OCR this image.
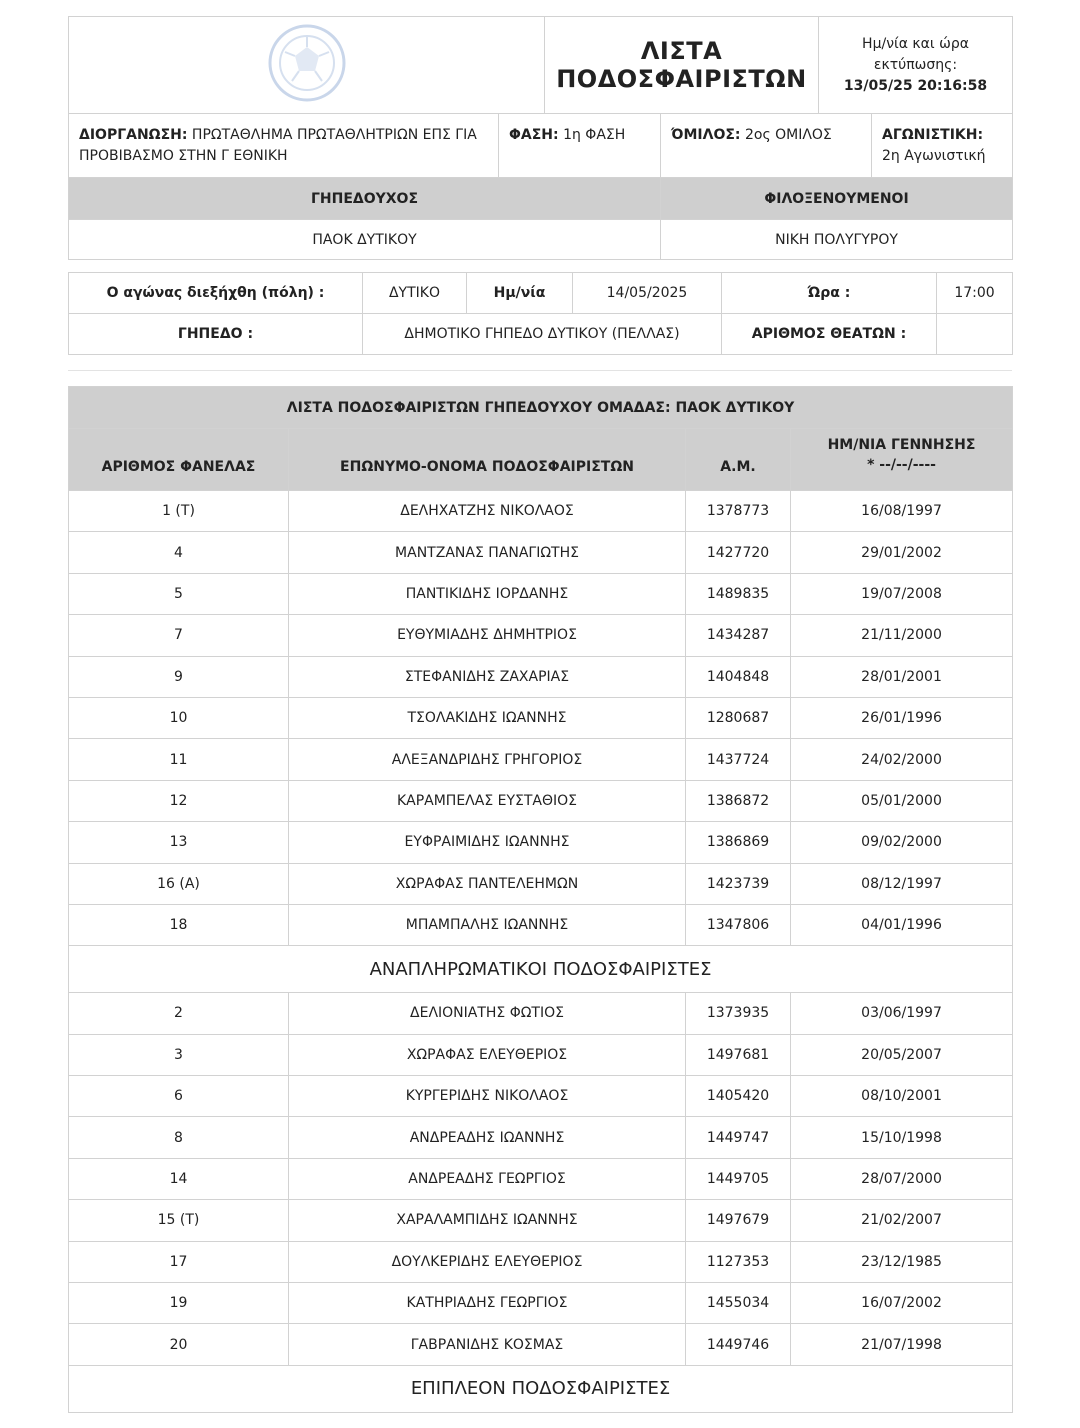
ΛΙΣΤΑ
ΠΟΔΟΣΦΑΙΡΙΣΤΩΝ

Ημ/νία και ώρα
εκτύπωσης:
13/05/25 20:16:58
ΔΙΟΡΓΑΝΩΣΗ: ΠΡΩΤΑΘΛΗΜΑ ΠΡΩΤΑΘΛΗΤΡΙΩΝ ΕΠΣ ΓΙΑ ΠΡΟΒΙΒΑΣΜΟ ΣΤΗΝ Γ ΕΘΝΙΚΗ	ΦΑΣΗ: 1η ΦΑΣΗ	ΌΜΙΛΟΣ: 2ος ΟΜΙΛΟΣ	ΑΓΩΝΙΣΤΙΚΗ:
2η Αγωνιστική
ΓΗΠΕΔΟΥΧΟΣ	ΦΙΛΟΞΕΝΟΥΜΕΝΟΙ
ΠΑΟΚ ΔΥΤΙΚΟΥ	ΝΙΚΗ ΠΟΛΥΓΥΡΟΥ
Ο αγώνας διεξήχθη (πόλη) :	ΔΥΤΙΚΟ	Ημ/νία	14/05/2025	Ώρα :	17:00
ΓΗΠΕΔΟ :	ΔΗΜΟΤΙΚΟ ΓΗΠΕΔΟ ΔΥΤΙΚΟΥ (ΠΕΛΛΑΣ)			ΑΡΙΘΜΟΣ ΘΕΑΤΩΝ :	
ΛΙΣΤΑ ΠΟΔΟΣΦΑΙΡΙΣΤΩΝ ΓΗΠΕΔΟΥΧΟΥ ΟΜΑΔΑΣ: ΠΑΟΚ ΔΥΤΙΚΟΥ			
ΑΡΙΘΜΟΣ ΦΑΝΕΛΑΣ	ΕΠΩΝΥΜΟ-ΟΝΟΜΑ ΠΟΔΟΣΦΑΙΡΙΣΤΩΝ	Α.Μ.	ΗΜ/ΝΙΑ ΓΕΝΝΗΣΗΣ
* --/--/----

1 (T)	ΔΕΛΗΧΑΤΖΗΣ ΝΙΚΟΛΑΟΣ	1378773	16/08/1997
4	ΜΑΝΤΖΑΝΑΣ ΠΑΝΑΓΙΩΤΗΣ	1427720	29/01/2002
5	ΠΑΝΤΙΚΙΔΗΣ ΙΟΡΔΑΝΗΣ	1489835	19/07/2008
7	ΕΥΘΥΜΙΑΔΗΣ ΔΗΜΗΤΡΙΟΣ	1434287	21/11/2000
9	ΣΤΕΦΑΝΙΔΗΣ ΖΑΧΑΡΙΑΣ	1404848	28/01/2001
10	ΤΣΟΛΑΚΙΔΗΣ ΙΩΑΝΝΗΣ	1280687	26/01/1996
11	ΑΛΕΞΑΝΔΡΙΔΗΣ ΓΡΗΓΟΡΙΟΣ	1437724	24/02/2000
12	ΚΑΡΑΜΠΕΛΑΣ ΕΥΣΤΑΘΙΟΣ	1386872	05/01/2000
13	ΕΥΦΡΑΙΜΙΔΗΣ ΙΩΑΝΝΗΣ	1386869	09/02/2000
16 (A)	ΧΩΡΑΦΑΣ ΠΑΝΤΕΛΕΗΜΩΝ	1423739	08/12/1997
18	ΜΠΑΜΠΑΛΗΣ ΙΩΑΝΝΗΣ	1347806	04/01/1996
ΑΝΑΠΛΗΡΩΜΑΤΙΚΟΙ ΠΟΔΟΣΦΑΙΡΙΣΤΕΣ			
2	ΔΕΛΙΟΝΙΑΤΗΣ ΦΩΤΙΟΣ	1373935	03/06/1997
3	ΧΩΡΑΦΑΣ ΕΛΕΥΘΕΡΙΟΣ	1497681	20/05/2007
6	ΚΥΡΓΕΡΙΔΗΣ ΝΙΚΟΛΑΟΣ	1405420	08/10/2001
8	ΑΝΔΡΕΑΔΗΣ ΙΩΑΝΝΗΣ	1449747	15/10/1998
14	ΑΝΔΡΕΑΔΗΣ ΓΕΩΡΓΙΟΣ	1449705	28/07/2000
15 (T)	ΧΑΡΑΛΑΜΠΙΔΗΣ ΙΩΑΝΝΗΣ	1497679	21/02/2007
17	ΔΟΥΛΚΕΡΙΔΗΣ ΕΛΕΥΘΕΡΙΟΣ	1127353	23/12/1985
19	ΚΑΤΗΡΙΑΔΗΣ ΓΕΩΡΓΙΟΣ	1455034	16/07/2002
20	ΓΑΒΡΑΝΙΔΗΣ ΚΟΣΜΑΣ	1449746	21/07/1998
ΕΠΙΠΛΕΟΝ ΠΟΔΟΣΦΑΙΡΙΣΤΕΣ			
